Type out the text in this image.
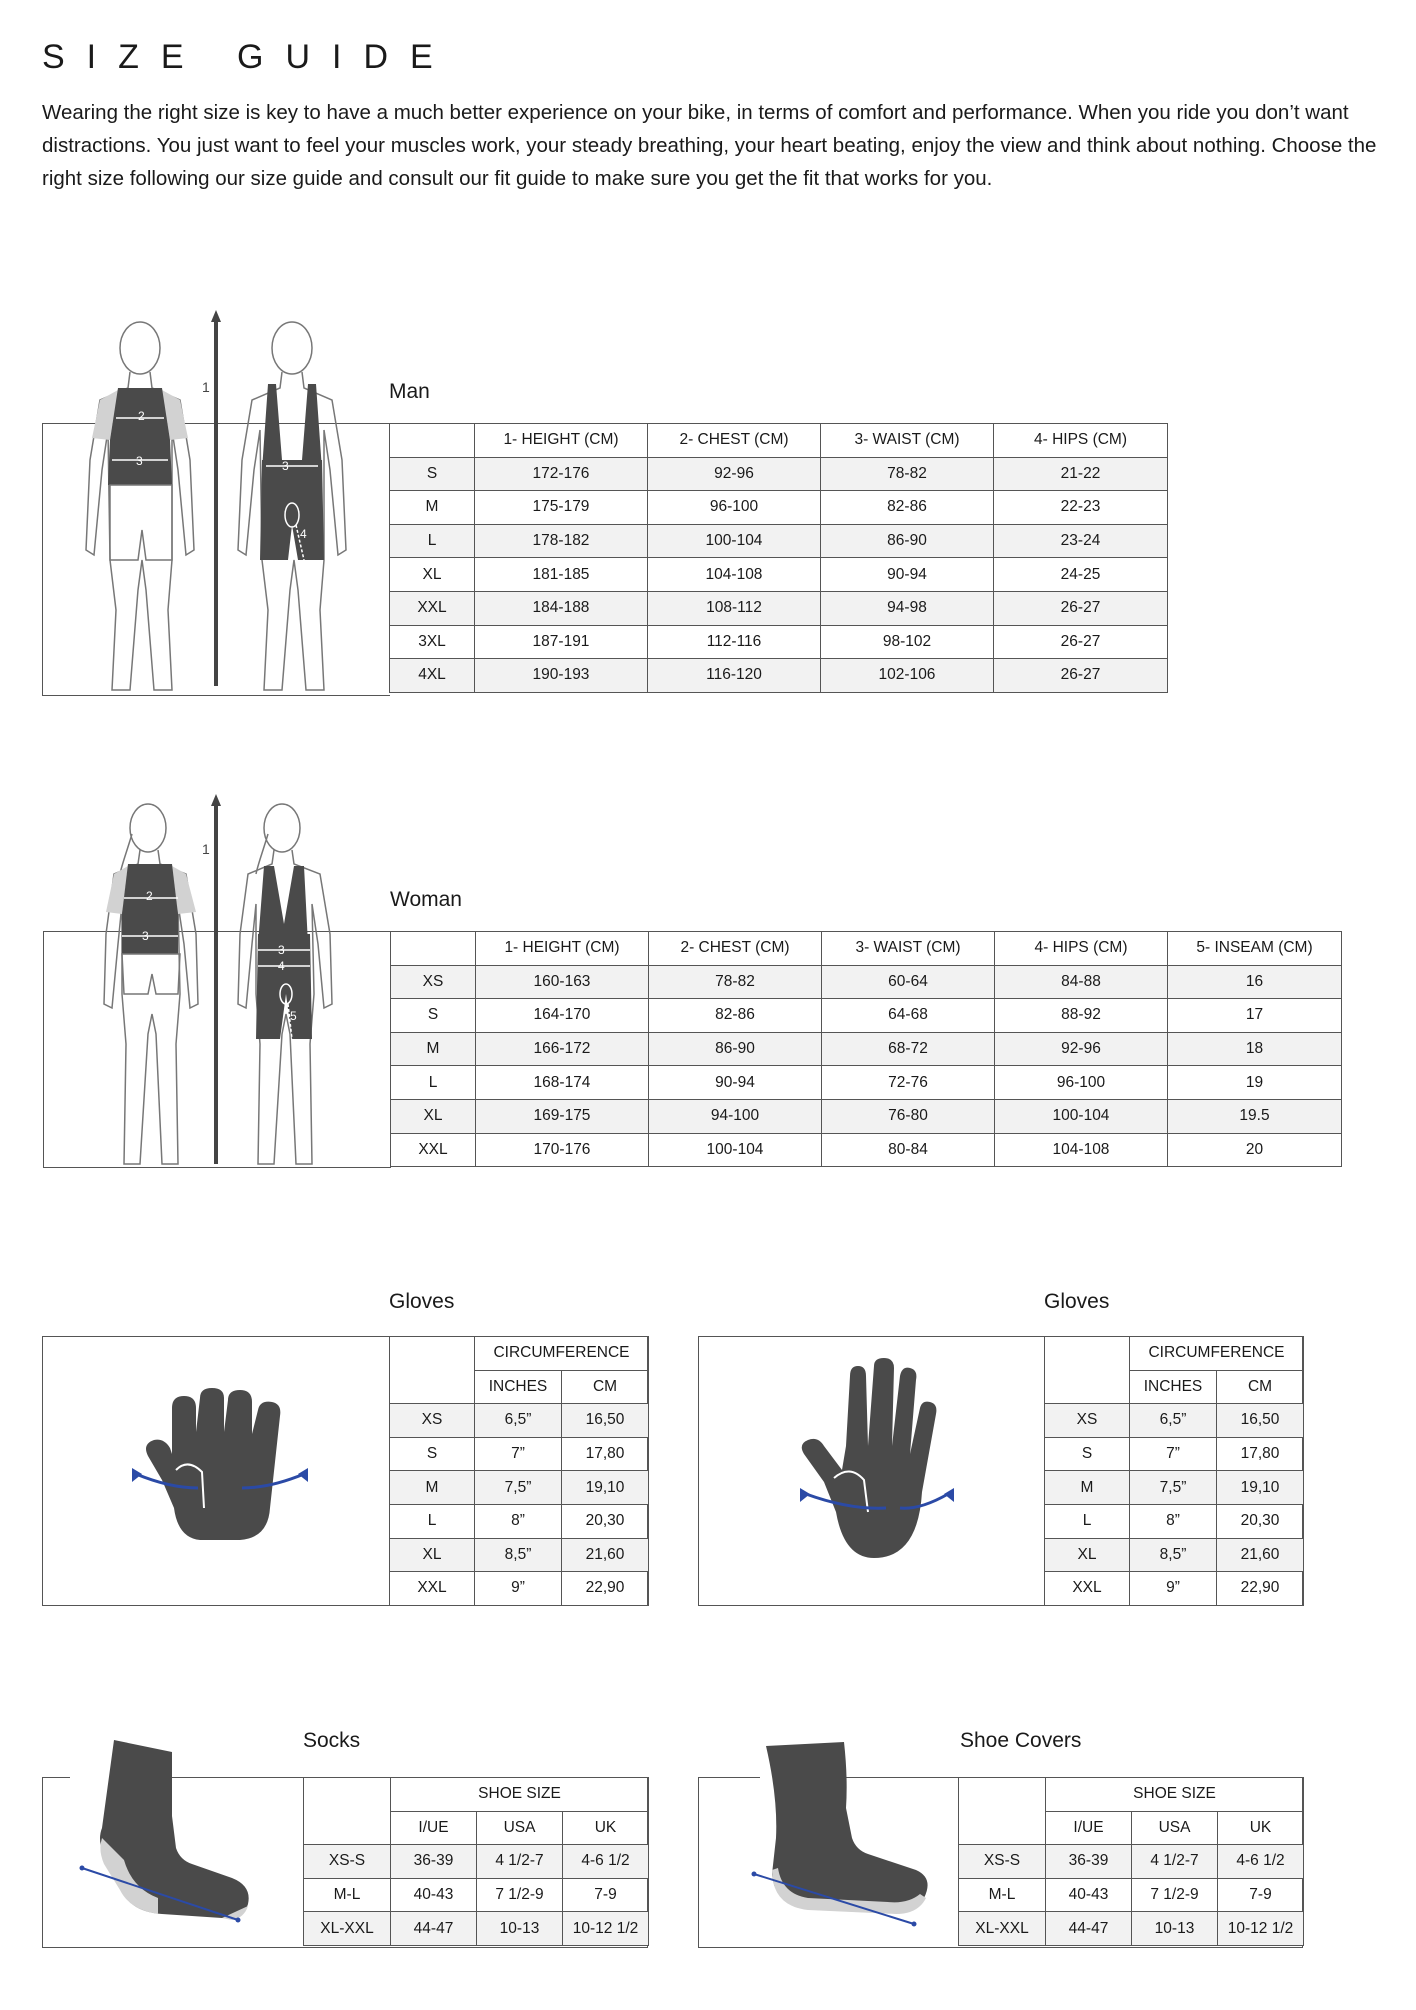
SIZE GUIDE

Wearing the right size is key to have a much better experience on your bike, in terms of comfort and performance. When you ride you don’t want distractions. You just want to feel your muscles work, your steady breathing, your heart beating, enjoy the view and think about nothing. Choose the right size following our size guide and consult our fit guide to make sure you get the fit that works for you.

Man
2
3
1
3
4
	1- HEIGHT (CM)	2- CHEST (CM)	3- WAIST (CM)	4- HIPS (CM)
S	172-176	92-96	78-82	21-22
M	175-179	96-100	82-86	22-23
L	178-182	100-104	86-90	23-24
XL	181-185	104-108	90-94	24-25
XXL	184-188	108-112	94-98	26-27
3XL	187-191	112-116	98-102	26-27
4XL	190-193	116-120	102-106	26-27
Woman
2
3
1
3
4
5
	1- HEIGHT (CM)	2- CHEST (CM)	3- WAIST (CM)	4- HIPS (CM)	5- INSEAM (CM)
XS	160-163	78-82	60-64	84-88	16
S	164-170	82-86	64-68	88-92	17
M	166-172	86-90	68-72	92-96	18
L	168-174	90-94	72-76	96-100	19
XL	169-175	94-100	76-80	100-104	19.5
XXL	170-176	100-104	80-84	104-108	20
Gloves
	CIRCUMFERENCE	
	INCHES	CM
XS	6,5”	16,50
S	7”	17,80
M	7,5”	19,10
L	8”	20,30
XL	8,5”	21,60
XXL	9”	22,90
Gloves
	CIRCUMFERENCE	
	INCHES	CM
XS	6,5”	16,50
S	7”	17,80
M	7,5”	19,10
L	8”	20,30
XL	8,5”	21,60
XXL	9”	22,90
Socks
	SHOE SIZE		
	I/UE	USA	UK
XS-S	36-39	4 1/2-7	4-6 1/2
M-L	40-43	7 1/2-9	7-9
XL-XXL	44-47	10-13	10-12 1/2
Shoe Covers
	SHOE SIZE		
	I/UE	USA	UK
XS-S	36-39	4 1/2-7	4-6 1/2
M-L	40-43	7 1/2-9	7-9
XL-XXL	44-47	10-13	10-12 1/2
